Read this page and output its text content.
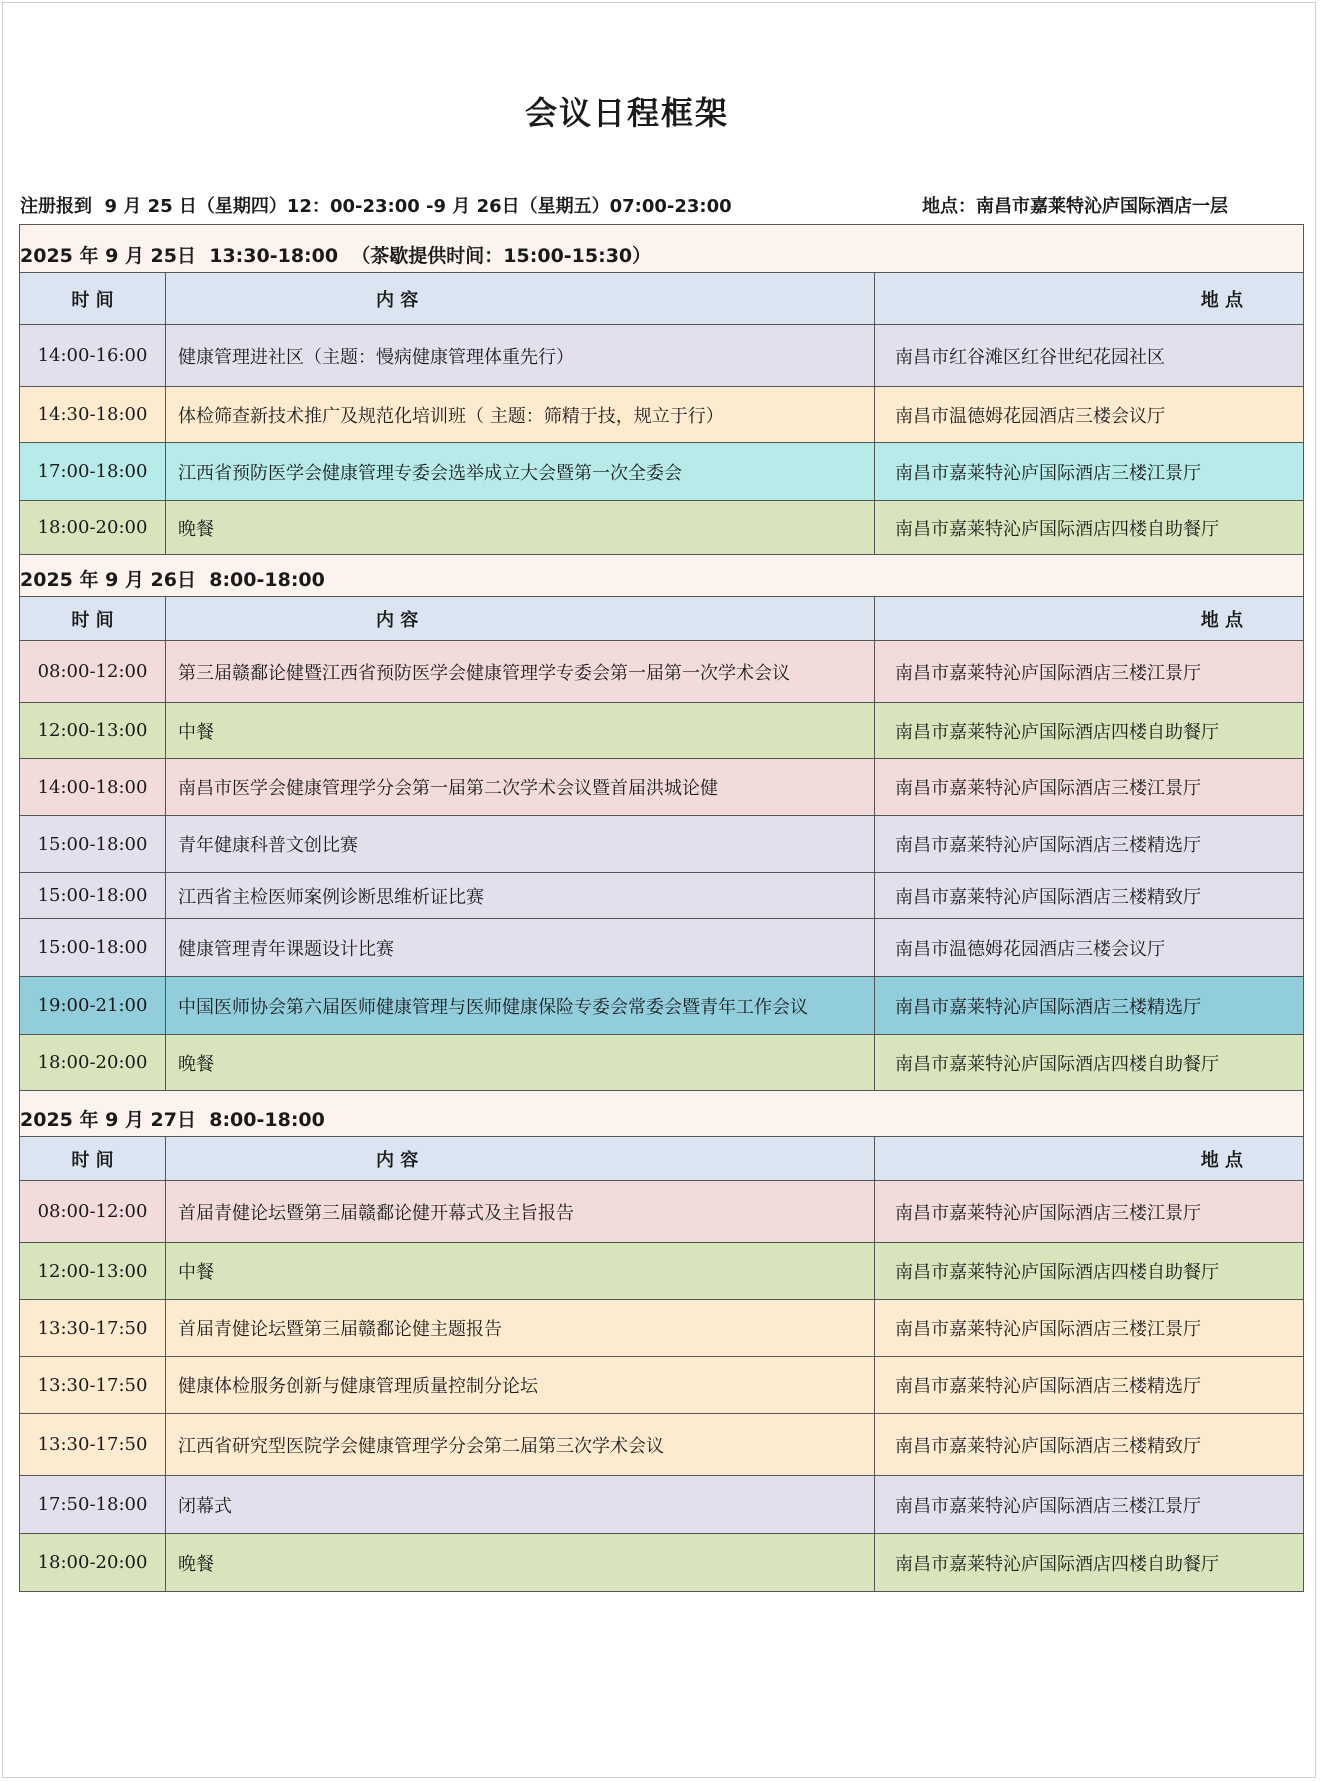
会议日程框架
注册报到  9 月 25 日（星期四）12：00-23:00 -9 月 26日（星期五）07:00-23:00	地点：南昌市嘉莱特沁庐国际酒店一层
2025 年 9 月 25日  13:30-18:00  （茶歇提供时间：15:00-15:30）
时 间	内 容	地 点
14:00-16:00	健康管理进社区（主题：慢病健康管理体重先行）	南昌市红谷滩区红谷世纪花园社区
14:30-18:00	体检筛查新技术推广及规范化培训班（ 主题：筛精于技，规立于行）	南昌市温德姆花园酒店三楼会议厅
17:00-18:00	江西省预防医学会健康管理专委会选举成立大会暨第一次全委会	南昌市嘉莱特沁庐国际酒店三楼江景厅
18:00-20:00	晚餐	南昌市嘉莱特沁庐国际酒店四楼自助餐厅
2025 年 9 月 26日  8:00-18:00
时 间	内 容	地 点
08:00-12:00	第三届赣鄱论健暨江西省预防医学会健康管理学专委会第一届第一次学术会议	南昌市嘉莱特沁庐国际酒店三楼江景厅
12:00-13:00	中餐	南昌市嘉莱特沁庐国际酒店四楼自助餐厅
14:00-18:00	南昌市医学会健康管理学分会第一届第二次学术会议暨首届洪城论健	南昌市嘉莱特沁庐国际酒店三楼江景厅
15:00-18:00	青年健康科普文创比赛	南昌市嘉莱特沁庐国际酒店三楼精选厅
15:00-18:00	江西省主检医师案例诊断思维析证比赛	南昌市嘉莱特沁庐国际酒店三楼精致厅
15:00-18:00	健康管理青年课题设计比赛	南昌市温德姆花园酒店三楼会议厅
19:00-21:00	中国医师协会第六届医师健康管理与医师健康保险专委会常委会暨青年工作会议	南昌市嘉莱特沁庐国际酒店三楼精选厅
18:00-20:00	晚餐	南昌市嘉莱特沁庐国际酒店四楼自助餐厅
2025 年 9 月 27日  8:00-18:00
时 间	内 容	地 点
08:00-12:00	首届青健论坛暨第三届赣鄱论健开幕式及主旨报告	南昌市嘉莱特沁庐国际酒店三楼江景厅
12:00-13:00	中餐	南昌市嘉莱特沁庐国际酒店四楼自助餐厅
13:30-17:50	首届青健论坛暨第三届赣鄱论健主题报告	南昌市嘉莱特沁庐国际酒店三楼江景厅
13:30-17:50	健康体检服务创新与健康管理质量控制分论坛	南昌市嘉莱特沁庐国际酒店三楼精选厅
13:30-17:50	江西省研究型医院学会健康管理学分会第二届第三次学术会议	南昌市嘉莱特沁庐国际酒店三楼精致厅
17:50-18:00	闭幕式	南昌市嘉莱特沁庐国际酒店三楼江景厅
18:00-20:00	晚餐	南昌市嘉莱特沁庐国际酒店四楼自助餐厅
